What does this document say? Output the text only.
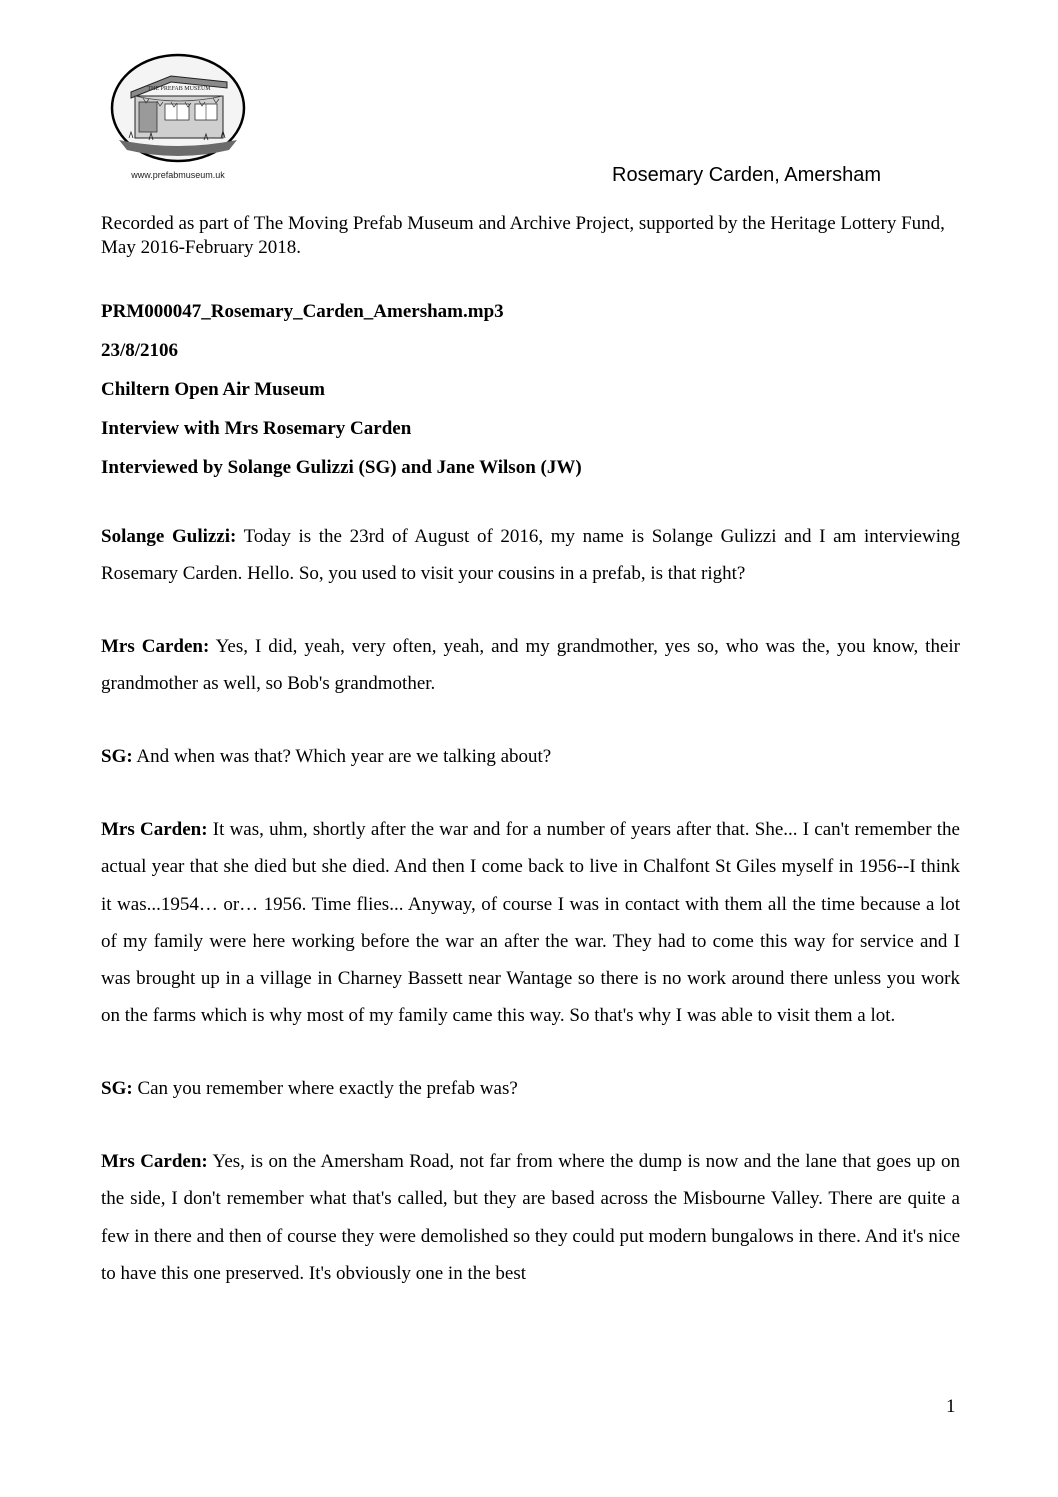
THE PREFAB MUSEUM
www.prefabmuseum.uk	Rosemary Carden, Amersham

Recorded as part of The Moving Prefab Museum and Archive Project, supported by the Heritage Lottery Fund, May 2016-February 2018.

PRM000047_Rosemary_Carden_Amersham.mp3
23/8/2106
Chiltern Open Air Museum
Interview with Mrs Rosemary Carden
Interviewed by Solange Gulizzi (SG) and Jane Wilson (JW)

Solange Gulizzi: Today is the 23rd of August of 2016, my name is Solange Gulizzi and I am interviewing Rosemary Carden. Hello. So, you used to visit your cousins in a prefab, is that right?

Mrs Carden: Yes, I did, yeah, very often, yeah, and my grandmother, yes so, who was the, you know, their grandmother as well, so Bob's grandmother.

SG: And when was that? Which year are we talking about?

Mrs Carden: It was, uhm, shortly after the war and for a number of years after that. She... I can't remember the actual year that she died but she died. And then I come back to live in Chalfont St Giles myself in 1956--I think it was...1954… or… 1956. Time flies... Anyway, of course I was in contact with them all the time because a lot of my family were here working before the war an after the war. They had to come this way for service and I was brought up in a village in Charney Bassett near Wantage so there is no work around there unless you work on the farms which is why most of my family came this way. So that's why I was able to visit them a lot.

SG: Can you remember where exactly the prefab was?

Mrs Carden: Yes, is on the Amersham Road, not far from where the dump is now and the lane that goes up on the side, I don't remember what that's called, but they are based across the Misbourne Valley. There are quite a few in there and then of course they were demolished so they could put modern bungalows in there. And it's nice to have this one preserved. It's obviously one in the best

1
